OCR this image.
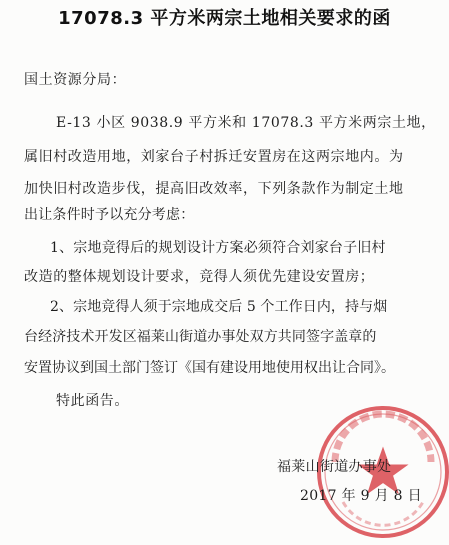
17078.3 平方米两宗土地相关要求的函
国土资源分局：
E-13 小区 9038.9 平方米和 17078.3 平方米两宗土地，
属旧村改造用地，刘家台子村拆迁安置房在这两宗地内。为
加快旧村改造步伐，提高旧改效率，下列条款作为制定土地
出让条件时予以充分考虑：
1、宗地竞得后的规划设计方案必须符合刘家台子旧村
改造的整体规划设计要求，竞得人须优先建设安置房；
2、宗地竞得人须于宗地成交后 5 个工作日内，持与烟
台经济技术开发区福莱山街道办事处双方共同签字盖章的
安置协议到国土部门签订《国有建设用地使用权出让合同》。
特此函告。
福莱山街道办事处
2017 年 9 月 8 日
